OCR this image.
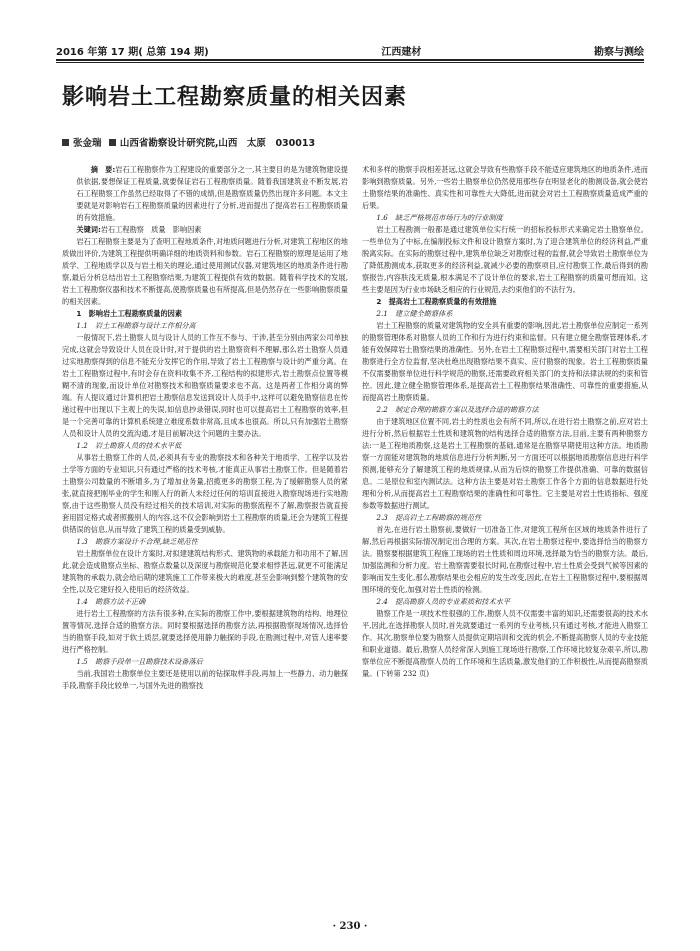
2016 年第 17 期( 总第 194 期)	江西建材	勘察与测绘
影响岩土工程勘察质量的相关因素
张金瑞 山西省勘察设计研究院,山西　太原　030013

摘　要:岩石工程勘察作为工程建设的重要部分之一,其主要目的是为建筑物建设提供依据,要想保证工程质量,就要保证岩石工程勘察质量。随着我国建筑业不断发展,岩石工程勘察工作虽然已经取得了不错的成绩,但是勘察质量仍然出现许多问题。本文主要就是对影响岩石工程勘察质量的因素进行了分析,进而提出了提高岩石工程勘察质量的有效措施。

关键词:岩石工程勘察　质量　影响因素

岩石工程勘察主要是为了查明工程地质条件,对地质问题进行分析,对建筑工程地区的地质做出评价,为建筑工程提供明确详细的地质资料和参数。岩石工程勘察的原理是运用了地质学、工程地质学以及与岩土相关的理论,通过使用测试仪器,对建筑地区的地质条件进行勘察,最后分析总结出岩土工程勘察结果,为建筑工程提供有效的数据。随着科学技术的发展,岩土工程勘察仪器和技术不断提高,使勘察质量也有所提高,但是仍然存在一些影响勘察质量的相关因素。

1　影响岩土工程勘察质量的因素

1.1　岩土工程勘察与设计工作相分离

一般情况下,岩土勘察人员与设计人员的工作互不参与、干涉,甚至分别由两家公司单独完成,这就会导致设计人员在设计时,对于提供的岩土勘察资料不理解,那么岩土勘察人员通过实地勘察得到的信息不能充分发挥它的作用,导致了岩土工程勘察与设计的严重分离。在岩土工程勘察过程中,有时会存在资料收集不齐,工程结构的拟建形式,岩土勘察点位置等模糊不清的现象,而设计单位对勘察技术和勘察质量要求也不高。这是两者工作相分离的弊端。有人提议通过计算机把岩土勘察信息发送到设计人员手中,这样可以避免勘察信息在传递过程中出现以下主观上的失误,如信息抄录错误,同时也可以提高岩土工程勘察的效率,但是一个完善可靠的计算机系统建立难度系数非常高,且成本也很高。所以,只有加强岩土勘察人员和设计人员的交流沟通,才是目前解决这个问题的主要办法。

1.2　岩土勘察人员的技术水平低

从事岩土勘察工作的人员,必须具有专业的勘察技术和各种关于地质学、工程学以及岩土学等方面的专业知识,只有通过严格的技术考核,才能真正从事岩土勘察工作。但是随着岩土勘察公司数量的不断增多,为了增加业务量,招揽更多的勘察工程,为了缓解勘察人员的紧张,就直接把刚毕业的学生和刚入行的新人未经过任何的培训直接进入勘察现场进行实地勘察,由于这些勘察人员没有经过相关的技术培训,对实际的勘察流程不了解,勘察报告就直接套用固定格式或者照搬别人的内容,这不仅会影响到岩土工程勘察的质量,还会为建筑工程提供错误的信息,从而导致了建筑工程的质量受到威胁。

1.3　勘察方案设计不合理,缺乏规范性

岩土勘察单位在设计方案时,对拟建建筑结构形式、建筑物的承载能力和功用不了解,因此,就会造成勘察点坐标、勘察点数量以及深度与勘察规范化要求相悖甚远,就更不可能满足建筑物的承载力,就会给后期的建筑施工工作带来极大的难度,甚至会影响到整个建筑物的安全性,以及它建好投入使用后的经济效益。

1.4　勘察方法不正确

进行岩土工程勘察的方法有很多种,在实际的勘察工作中,要根据建筑物的结构、地理位置等情况,选择合适的勘察方法。同时要根据选择的勘察方法,再根据勘察现场情况,选择恰当的勘察手段,如对于软土质层,就要选择使用静力触探的手段,在勘测过程中,对管人速率要进行严格控制。

1.5　勘察手段单一且勘察技术设备落后

当前,我国岩土勘察单位主要还是使用以前的钻探取样手段,再加上一些静力、动力触探手段,勘察手段比较单一,与国外先进的勘察技

术和多样的勘察手段相差甚远,这就会导致有些勘察手段不能适应建筑地区的地质条件,进而影响到勘察质量。另外,一些岩土勘察单位仍然使用那些存在明显老化的勘测设备,就会使岩土勘察结果的准确性、真实性和可靠性大大降低,进而就会对岩土工程勘察质量造成严重的后果。

1.6　缺乏严格规范市场行为的行业制度

岩土工程勘测一般都是通过建筑单位实行统一的招标投标形式来确定岩土勘察单位。一些单位为了中标,在编制投标文件和设计勘察方案时,为了迎合建筑单位的经济利益,严重脱离实际。在实际的勘察过程中,建筑单位缺乏对勘察过程的监督,就会导致岩土勘察单位为了降低勘测成本,获取更多的经济利益,就减少必要的勘察项目,应付勘察工作,最后得到的勘察报告,内容肤浅无质量,根本满足不了设计单位的要求,岩土工程勘察的质量可想而知。这些主要是因为行业市场缺乏相应的行业规范,去约束他们的不法行为。

2　提高岩土工程勘察质量的有效措施

2.1　建立健全勘察体系

岩土工程勘察的质量对建筑物的安全具有重要的影响,因此,岩土勘察单位应制定一系列的勘察管理体系对勘察人员的工作和行为进行约束和监督。只有建立健全勘察管理体系,才能有效保障岩土勘察结果的准确性。另外,在岩土工程勘察过程中,需要相关部门对岩土工程勘察进行全方位监督,坚决杜绝出现勘察结果不真实、应付勘察的现象。岩土工程勘察质量不仅需要勘察单位进行科学规范的勘察,还需要政府相关部门的支持和法律法规的约束和管控。因此,建立健全勘察管理体系,是提高岩土工程勘察结果准确性、可靠性的重要措施,从而提高岩土勘察质量。

2.2　制定合理的勘察方案以及选择合适的勘察方法

由于建筑地区位置不同,岩土的性质也会有所不同,所以,在进行岩土勘察之前,应对岩土进行分析,然后根据岩土性质和建筑物的结构选择合适的勘察方法,目前,主要有两种勘察方法:一是工程地质勘察,这是岩土工程勘察的基础,通常是在勘察早期使用这种方法。地质勘察一方面能对建筑物的地质信息进行分析判断,另一方面还可以根据地质勘察信息进行科学预测,能够充分了解建筑工程的地质规律,从而为后续的勘察工作提供准确、可靠的数据信息。二是原位和室内测试法。这种方法主要是对岩土勘察工作各个方面的信息数据进行处理和分析,从而提高岩土工程勘察结果的准确性和可靠性。它主要是对岩土性质指标、强度参数等数据进行测试。

2.3　提高岩土工程勘察的规范性

首先,在进行岩土勘察前,要做好一切准备工作,对建筑工程所在区域的地质条件进行了解,然后再根据实际情况制定出合理的方案。其次,在岩土勘察过程中,要选择恰当的勘察方法。勘察要根据建筑工程施工现场的岩土性质和周边环境,选择最为恰当的勘察方法。最后,加强监测和分析力度。岩土勘察需要很长时间,在勘察过程中,岩土性质会受到气候等因素的影响而发生变化,那么勘察结果也会相应的发生改变,因此,在岩土工程勘察过程中,要根据周围环境的变化,加强对岩土性质的检测。

2.4　提高勘察人员的专业素质和技术水平

勘察工作是一项技术性很强的工作,勘察人员不仅需要丰富的知识,还需要很高的技术水平,因此,在选择勘察人员时,首先就要通过一系列的专业考核,只有通过考核,才能进入勘察工作。其次,勘察单位要为勘察人员提供定期培训和交流的机会,不断提高勘察人员的专业技能和职业道德。最后,勘察人员经常深入到施工现场进行勘察,工作环境比较复杂艰辛,所以,勘察单位应不断提高勘察人员的工作环境和生活质量,激发他们的工作积极性,从而提高勘察质量。(下转第 232 页)

· 230 ·
